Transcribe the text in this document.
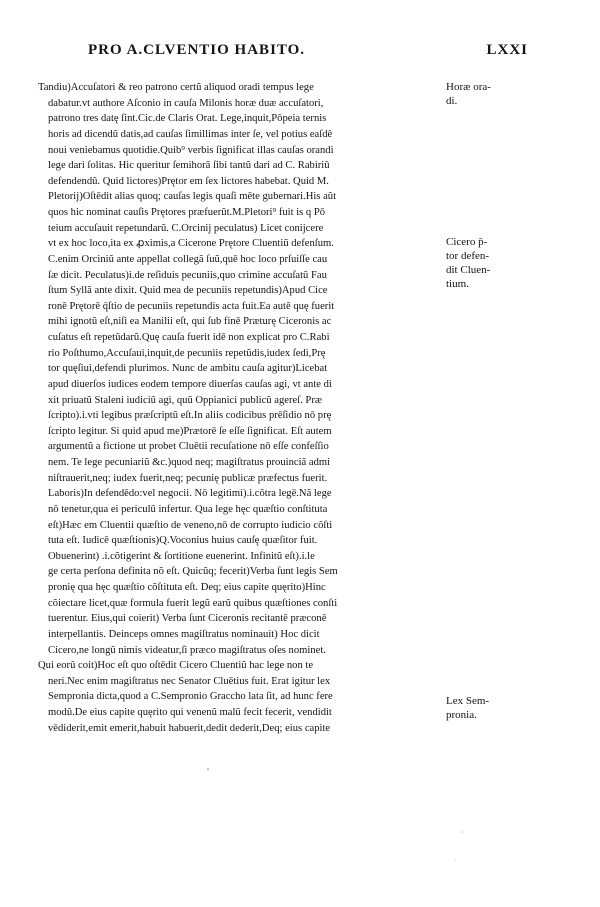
PRO A.CLVENTIO HABITO.	LXXI
Tandiu)Accuſatori & reo patrono certũ aliquod oradi tempus lege
dabatur.vt authore Aſconio in cauſa Milonis horæ duæ accuſatori,
patrono tres datę ſint.Cic.de Claris Orat. Lege,inquit,Pōpeia ternis
horis ad dicendũ datis,ad cauſas ſimillimas inter ſe, vel potius eaſdē
noui veniebamus quotidie.Quib⁹ verbis ſignificat illas cauſas orandi
lege dari ſolitas. Hic queritur ſemihorã ſibi tantũ dari ad C. Rabiriũ
defendendũ. Quid lictores)Prętor em ſex lictores habebat. Quid M.
Pletorij)Oſtēdit alias quoq; cauſas legis quaſi mēte gubernari.His aũt
quos hic nominat cauſis Prętores præfuerũt.M.Pletori⁹ fuit is q Pō
teium accuſauit repetundarũ. C.Orcinij peculatus) Licet conijcere
vt ex hoc loco,ita ex ꝓximis,a Cicerone Prętore Cluentiũ defenſum.
C.enim Orciniũ ante appellat collegã ſuũ,quē hoc loco prſuiſſe cau
ſæ dicit. Peculatus)i.de reſiduis pecuniis,quo crimine accuſatũ Fau
ſtum Syllã ante dixit. Quid mea de pecuniis repetundis)Apud Cice
ronē Prętorē q̄ſtio de pecuniis repetundis acta fuit.Ea autē quę fuerit
mihi ignotũ eſt,niſi ea Manilii eſt, qui ſub finē Præturę Ciceronis ac
cuſatus eſt repetũdarũ.Quę cauſa fuerit idē non explicat pro C.Rabi
rio Poſthumo,Accuſaui,inquit,de pecuniis repetũdis,iudex ſedi,Prę
tor quęſiui,defendi plurimos. Nunc de ambitu cauſa agitur)Licebat
apud diuerſos iudices eodem tempore diuerſas cauſas agi, vt ante di
xit priuatũ Staleni iudiciũ agi, quũ Oppianici publicũ agereſ. Præ
ſcripto).i.vti legibus præſcriptũ eſt.In aliis codicibus prēſidio nō prę
ſcripto legitur. Si quid apud me)Prætorē ſe eſſe ſignificat. Eſt autem
argumentũ a fictione ut probet Cluētii recuſatione nō eſſe confeſſio
nem. Te lege pecuniariũ &c.)quod neq; magiſtratus prouinciã admi
niſtrauerit,neq; iudex fuerit,neq; pecunię publicæ præfectus fuerit.
Laboris)In defendēdo:vel negocii. Nō legitimi).i.cõtra legē.Nã lege
nō tenetur,qua ei periculũ infertur. Qua lege hęc quæſtio conſtituta
eſt)Hæc em Cluentii quæſtio de veneno,nō de corrupto iudicio cõſti
tuta eſt. Iudicē quæſtionis)Q.Voconius huius cauſę quæſitor fuit.
Obuenerint) .i.cõtigerint & ſortitione euenerint. Infinitũ eſt).i.le
ge certa perſona definita nõ eſt. Quicũq; fecerit)Verba ſunt legis Sem
pronię qua hęc quæſtio cõſtituta eſt. Deq; eius capite quęrito)Hinc
cõiectare licet,quæ formula fuerit legũ earũ quibus quæſtiones conſti
tuerentur. Eius,qui coierit) Verba ſunt Ciceronis recitantē præconē
interpellantis. Deinceps omnes magiſtratus nominauit) Hoc dicit
Cicero,ne longũ nimis videatur,ſi præco magiſtratus oſes nominet.
Qui eorũ coit)Hoc eſt quo oſtēdit Cicero Cluentiũ hac lege non te
neri.Nec enim magiſtratus nec Senator Cluētius fuit. Erat igitur lex
Sempronia dicta,quod a C.Sempronio Graccho lata ſit, ad hunc fere
modũ.De eius capite quęrito qui venenũ malũ fecit fecerit, vendidit
vēdiderit,emit emerit,habuit habuerit,dedit dederit,Deq; eius capite
Horæ ora-
di.
Cicero p̄-
tor defen-
dit Cluen-
tium.
Lex Sem-
pronia.
